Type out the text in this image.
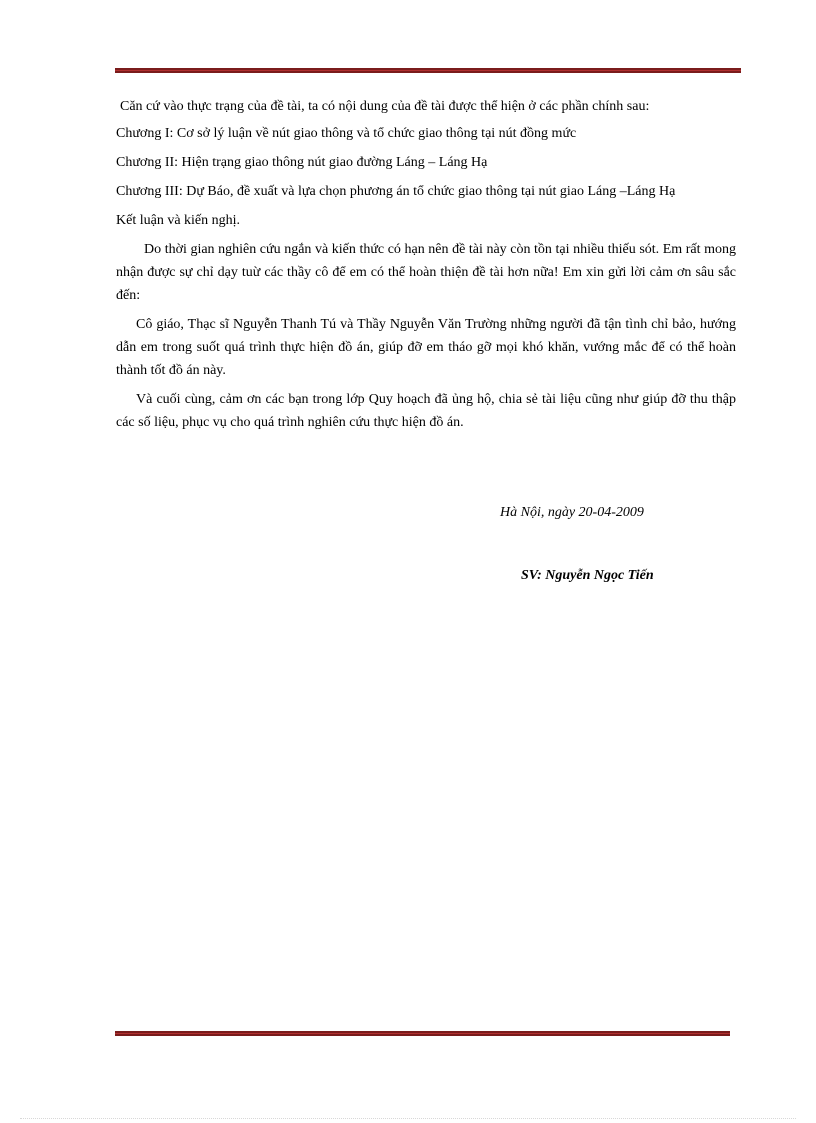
Căn cứ vào thực trạng của đề tài, ta có nội dung của đề tài được thể hiện ở các phần chính sau:

Chương I: Cơ sở lý luận về nút giao thông và tổ chức giao thông tại nút đồng mức

Chương II: Hiện trạng giao thông nút giao đường Láng – Láng Hạ

Chương III: Dự Báo, đề xuất và lựa chọn phương án tổ chức giao thông tại nút giao Láng –Láng Hạ

Kết luận và kiến nghị.

Do thời gian nghiên cứu ngắn và kiến thức có hạn nên đề tài này còn tồn tại nhiều thiếu sót. Em rất mong nhận được sự chỉ dạy tuừ các thầy cô để em có thể hoàn thiện đề tài hơn nữa! Em xin gửi lời cảm ơn sâu sắc đến:

Cô giáo, Thạc sĩ Nguyễn Thanh Tú và Thầy Nguyễn Văn Trường những người đã tận tình chỉ bảo, hướng dẫn em trong suốt quá trình thực hiện đồ án, giúp đỡ em tháo gỡ mọi khó khăn, vướng mắc để có thể hoàn thành tốt đồ án này.

Và cuối cùng, cảm ơn các bạn trong lớp Quy hoạch đã ủng hộ, chia sẻ tài liệu cũng như giúp đỡ thu thập các số liệu, phục vụ cho quá trình nghiên cứu thực hiện đồ án.

Hà Nội, ngày 20-04-2009
SV: Nguyễn Ngọc Tiến
